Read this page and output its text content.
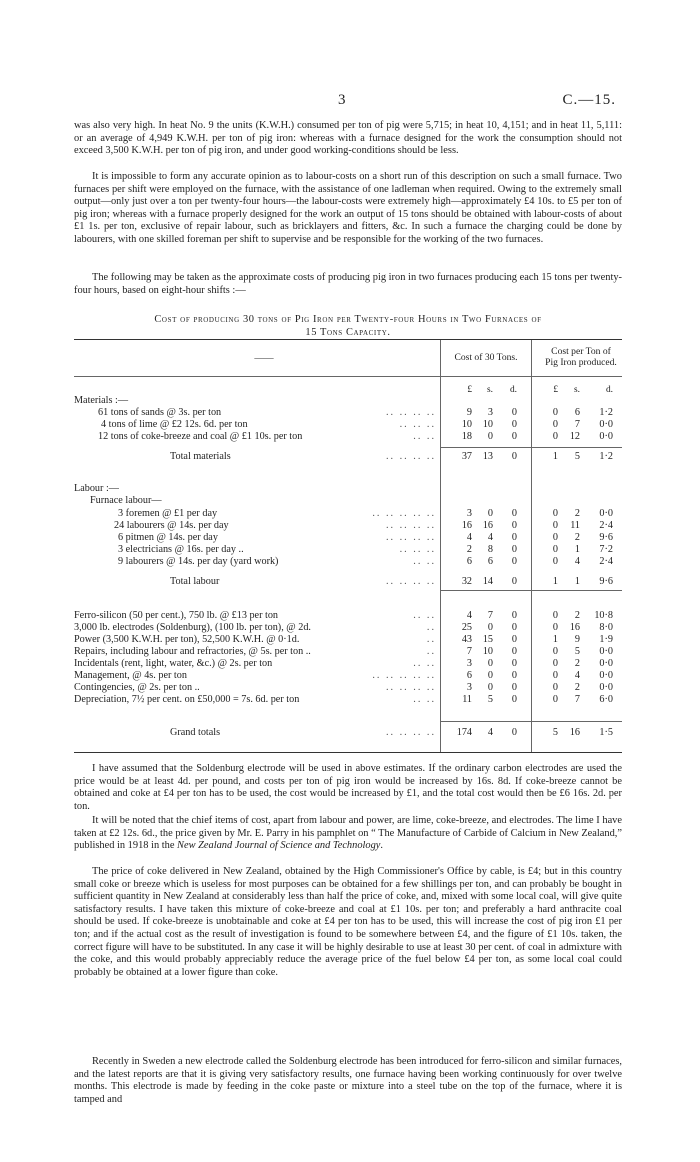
3	C.—15.

was also very high. In heat No. 9 the units (K.W.H.) consumed per ton of pig were 5,715; in heat 10, 4,151; and in heat 11, 5,111: or an average of 4,949 K.W.H. per ton of pig iron: whereas with a furnace designed for the work the consumption should not exceed 3,500 K.W.H. per ton of pig iron, and under good working-conditions should be less.

It is impossible to form any accurate opinion as to labour-costs on a short run of this description on such a small furnace. Two furnaces per shift were employed on the furnace, with the assistance of one ladleman when required. Owing to the extremely small output—only just over a ton per twenty-four hours—the labour-costs were extremely high—approximately £4 10s. to £5 per ton of pig iron; whereas with a furnace properly designed for the work an output of 15 tons should be obtained with labour-costs of about £1 1s. per ton, exclusive of repair labour, such as bricklayers and fitters, &c. In such a furnace the charging could be done by labourers, with one skilled foreman per shift to supervise and be responsible for the working of the two furnaces.

The following may be taken as the approximate costs of producing pig iron in two furnaces producing each 15 tons per twenty-four hours, based on eight-hour shifts :—

Cost of producing 30 tons of Pig Iron per Twenty-four Hours in Two Furnaces of
15 Tons Capacity.
——	Cost of 30 Tons.
Cost per Ton of Pig Iron produced.
£	s.	d.	£	s.	d.
Materials :—
61 tons of sands @ 3s. per ton	.. .. .. ..	9	3	0	0	6	1·2
4 tons of lime @ £2 12s. 6d. per ton	.. .. ..	10	10	0	0	7	0·0
12 tons of coke-breeze and coal @ £1 10s. per ton	.. ..	18	0	0	0	12	0·0
Total materials	.. .. .. ..	37	13	0	1	5	1·2
Labour :—
Furnace labour—
3 foremen @ £1 per day	.. .. .. .. ..	3	0	0	0	2	0·0
24 labourers @ 14s. per day	.. .. .. ..	16	16	0	0	11	2·4
6 pitmen @ 14s. per day	.. .. .. ..	4	4	0	0	2	9·6
3 electricians @ 16s. per day ..	.. .. ..	2	8	0	0	1	7·2
9 labourers @ 14s. per day (yard work)	.. ..	6	6	0	0	4	2·4
Total labour	.. .. .. ..	32	14	0	1	1	9·6
Ferro-silicon (50 per cent.), 750 lb. @ £13 per ton	.. ..	4	7	0	0	2	10·8
3,000 lb. electrodes (Soldenburg), (100 lb. per ton), @ 2d.	..	25	0	0	0	16	8·0
Power (3,500 K.W.H. per ton), 52,500 K.W.H. @ 0·1d.	..	43	15	0	1	9	1·9
Repairs, including labour and refractories, @ 5s. per ton ..	..	7	10	0	0	5	0·0
Incidentals (rent, light, water, &c.) @ 2s. per ton	.. ..	3	0	0	0	2	0·0
Management, @ 4s. per ton	.. .. .. .. ..	6	0	0	0	4	0·0
Contingencies, @ 2s. per ton ..	.. .. .. ..	3	0	0	0	2	0·0
Depreciation, 7½ per cent. on £50,000 = 7s. 6d. per ton	.. ..	11	5	0	0	7	6·0
Grand totals	.. .. .. ..	174	4	0	5	16	1·5

I have assumed that the Soldenburg electrode will be used in above estimates. If the ordinary carbon electrodes are used the price would be at least 4d. per pound, and costs per ton of pig iron would be increased by 16s. 8d. If coke-breeze cannot be obtained and coke at £4 per ton has to be used, the cost would be increased by £1, and the total cost would then be £6 16s. 2d. per ton.

It will be noted that the chief items of cost, apart from labour and power, are lime, coke-breeze, and electrodes. The lime I have taken at £2 12s. 6d., the price given by Mr. E. Parry in his pamphlet on “ The Manufacture of Carbide of Calcium in New Zealand,” published in 1918 in the New Zealand Journal of Science and Technology.

The price of coke delivered in New Zealand, obtained by the High Commissioner's Office by cable, is £4; but in this country small coke or breeze which is useless for most purposes can be obtained for a few shillings per ton, and can probably be bought in sufficient quantity in New Zealand at considerably less than half the price of coke, and, mixed with some local coal, will give quite satisfactory results. I have taken this mixture of coke-breeze and coal at £1 10s. per ton; and preferably a hard anthracite coal should be used. If coke-breeze is unobtainable and coke at £4 per ton has to be used, this will increase the cost of pig iron £1 per ton; and if the actual cost as the result of investigation is found to be somewhere between £4, and the figure of £1 10s. taken, the correct figure will have to be substituted. In any case it will be highly desirable to use at least 30 per cent. of coal in admixture with the coke, and this would probably appreciably reduce the average price of the fuel below £4 per ton, as some local coal could probably be obtained at a lower figure than coke.

Recently in Sweden a new electrode called the Soldenburg electrode has been introduced for ferro-silicon and similar furnaces, and the latest reports are that it is giving very satisfactory results, one furnace having been working continuously for over twelve months. This electrode is made by feeding in the coke paste or mixture into a steel tube on the top of the furnace, where it is tamped and
